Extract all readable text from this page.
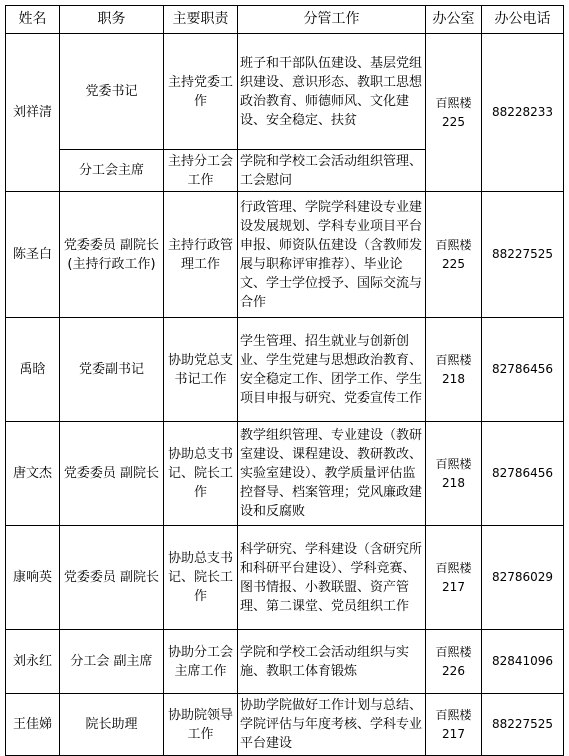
姓名	职务	主要职责	分管工作	办公室	办公电话
刘祥清	党委书记	主持党委工作	班子和干部队伍建设、基层党组织建设、意识形态、教职工思想政治教育、师德师风、文化建设、安全稳定、扶贫	百熙楼 225	88228233
	分工会主席	主持分工会工作	学院和学校工会活动组织管理、工会慰问		
陈圣白	党委委员 副院长(主持行政工作)	主持行政管理工作	行政管理、学院学科建设专业建设发展规划、学科专业项目平台申报、师资队伍建设（含教师发展与职称评审推荐）、毕业论文、学士学位授予、国际交流与合作	百熙楼 225	88227525
禹晗	党委副书记	协助党总支书记工作	学生管理、招生就业与创新创业、学生党建与思想政治教育、安全稳定工作、团学工作、学生项目申报与研究、党委宣传工作	百熙楼 218	82786456
唐文杰	党委委员 副院长	协助总支书记、院长工作	教学组织管理、专业建设（教研室建设、课程建设、教研教改、实验室建设）、教学质量评估监控督导、档案管理；党风廉政建设和反腐败	百熙楼 218	82786456
康响英	党委委员 副院长	协助总支书记、院长工作	科学研究、学科建设（含研究所和科研平台建设）、学科竞赛、图书情报、小教联盟、资产管理、第二课堂、党员组织工作	百熙楼 217	82786029
刘永红	分工会 副主席	协助分工会主席工作	学院和学校工会活动组织与实施、教职工体育锻炼	百熙楼 226	82841096
王佳娣	院长助理	协助院领导工作	协助学院做好工作计划与总结、学院评估与年度考核、学科专业平台建设	百熙楼 217	88227525
